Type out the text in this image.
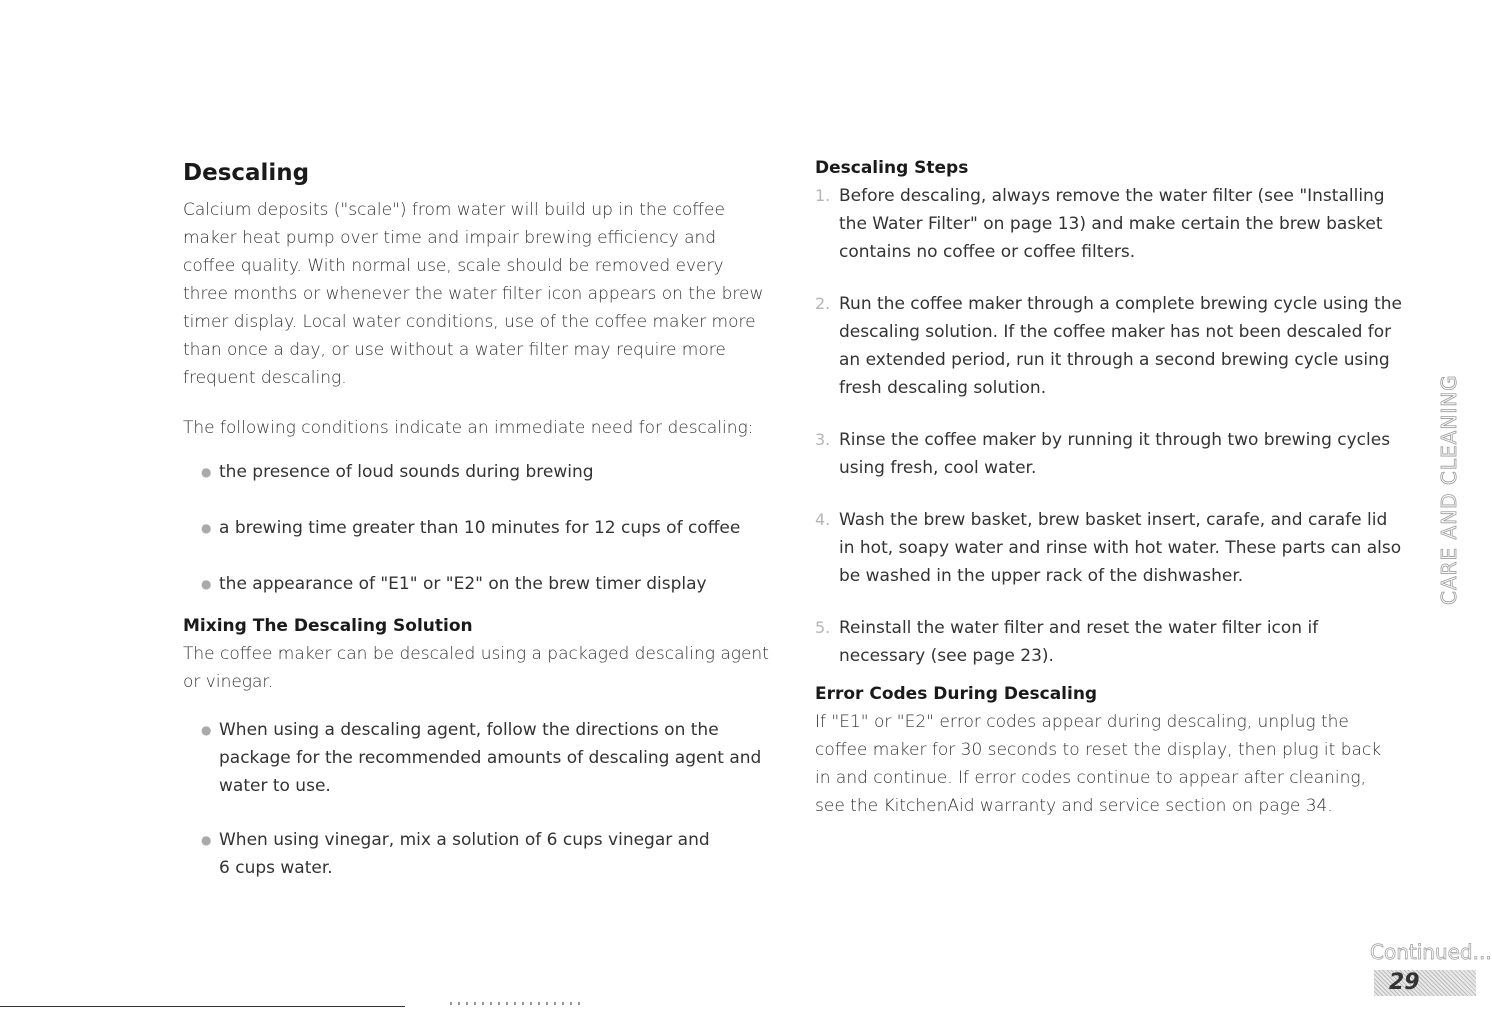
Descaling

Calcium deposits ("scale") from water will build up in the coffee maker heat pump over time and impair brewing efficiency and coffee quality. With normal use, scale should be removed every three months or whenever the water filter icon appears on the brew timer display. Local water conditions, use of the coffee maker more than once a day, or use without a water filter may require more frequent descaling.

The following conditions indicate an immediate need for descaling:

● the presence of loud sounds during brewing
● a brewing time greater than 10 minutes for 12 cups of coffee
● the appearance of "E1" or "E2" on the brew timer display
Mixing The Descaling Solution

The coffee maker can be descaled using a packaged descaling agent or vinegar.

● When using a descaling agent, follow the directions on the package for the recommended amounts of descaling agent and water to use.
● When using vinegar, mix a solution of 6 cups vinegar and 6 cups water.
Descaling Steps
1. Before descaling, always remove the water filter (see "Installing the Water Filter" on page 13) and make certain the brew basket contains no coffee or coffee filters.
2. Run the coffee maker through a complete brewing cycle using the descaling solution. If the coffee maker has not been descaled for an extended period, run it through a second brewing cycle using fresh descaling solution.
3. Rinse the coffee maker by running it through two brewing cycles using fresh, cool water.
4. Wash the brew basket, brew basket insert, carafe, and carafe lid in hot, soapy water and rinse with hot water. These parts can also be washed in the upper rack of the dishwasher.
5. Reinstall the water filter and reset the water filter icon if necessary (see page 23).
Error Codes During Descaling

If "E1" or "E2" error codes appear during descaling, unplug the coffee maker for 30 seconds to reset the display, then plug it back in and continue. If error codes continue to appear after cleaning, see the KitchenAid warranty and service section on page 34.

CARE AND CLEANING
Continued...
29
